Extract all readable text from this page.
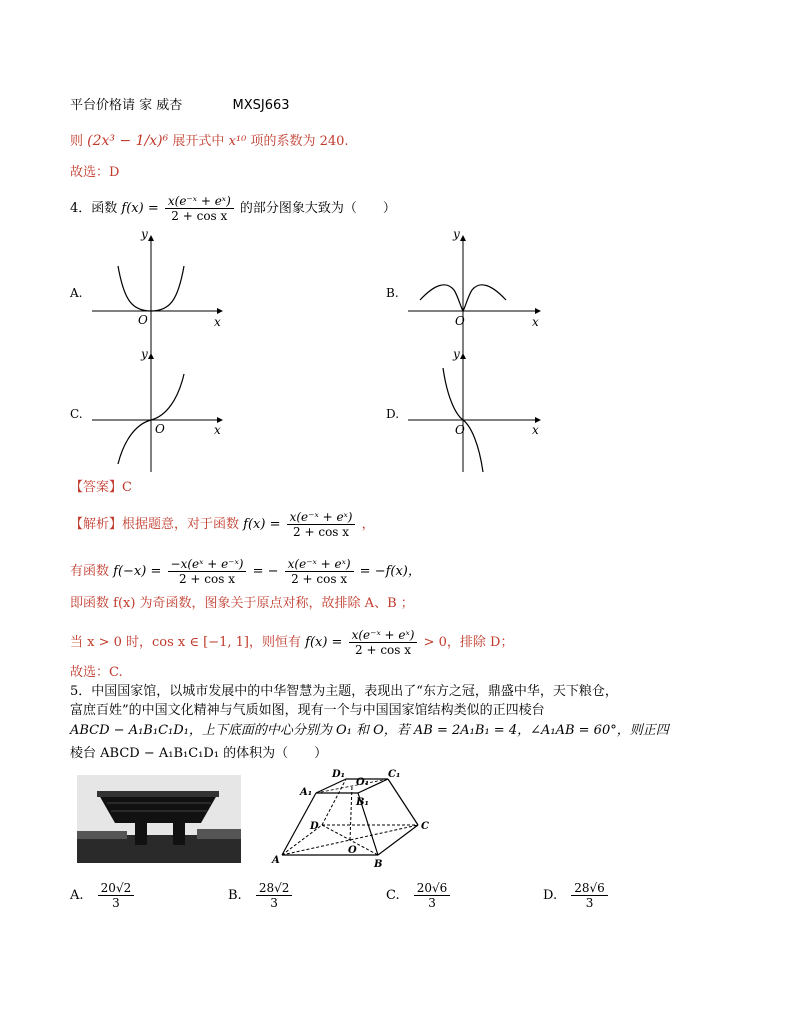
平台价格请 家 威杏	MXSJ663
则 (2x³ − 1/x)⁶ 展开式中 x¹⁰ 项的系数为 240.
故选：D
4．函数 $f(x) = \frac{\text{x(e⁻ˣ + eˣ)}}{\text{2 + cos x}}$ 的部分图象大致为（　　）
y
x
O
A.
y
x
O
B.
y
x
O
C.
y
x
O
D.
【答案】C
【解析】根据题意，对于函数 $f(x) = \frac{\text{x(e⁻ˣ + eˣ)}}{\text{2 + cos x}}$ ，
有函数 $f(-x) = \frac{\text{−x(eˣ + e⁻ˣ)}}{\text{2 + cos x}}$ = − $\frac{\text{x(e⁻ˣ + eˣ)}}{\text{2 + cos x}} = -f(x)$，
即函数 f(x) 为奇函数，图象关于原点对称，故排除 A、B ；
当 x > 0 时，cos x ∈ [−1, 1]，则恒有 $f(x) = \frac{\text{x(e⁻ˣ + eˣ)}}{\text{2 + cos x}} > 0$，排除 D；
故选：C.
5．中国国家馆，以城市发展中的中华智慧为主题，表现出了“东方之冠，鼎盛中华，天下粮仓，
富庶百姓”的中国文化精神与气质如图，现有一个与中国国家馆结构类似的正四棱台
ABCD − A₁B₁C₁D₁，上下底面的中心分别为 O₁ 和 O，若 AB = 2A₁B₁ = 4，∠A₁AB = 60°，则正四
棱台 ABCD − A₁B₁C₁D₁ 的体积为（　　）
A	B
C
D
O
A₁
B₁
C₁
D₁
O₁
A. $\frac{20√2}{3}$	B. $\frac{28√2}{3}$	C. $\frac{20√6}{3}$	D. $\frac{28√6}{3}$
